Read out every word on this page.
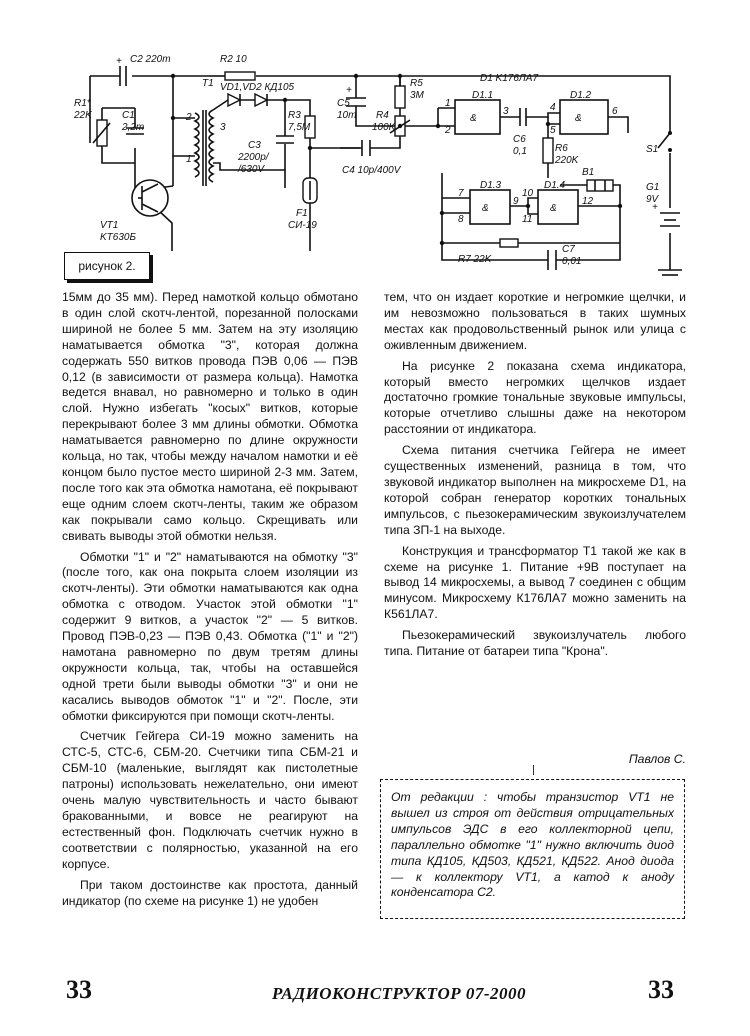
+
+
+
C2 220m	R2 10
R1*
22K	C1
2,2m
T1 VD1,VD2 КД105
2
3
1
C3
2200p/
/630V
R3
7,5M
F1
СИ-19
C5
10m R4
100K
C4 10p/400V
R5
3M
D1 K176ЛА7
D1.1	D1.2
D1.3	D1.4
C6
0,1	R6
220K
B1
S1
G1
9V
R7 22K
C7
0,01
VT1
KT630Б
1
2
3	4
5
6
7
8
9
10
11
12
&	&
&	&
рисунок 2.

15мм до 35 мм). Перед намоткой кольцо обмотано в один слой скотч-лентой, порезанной полосками шириной не более 5 мм. Затем на эту изоляцию наматывается обмотка "3", которая должна содержать 550 витков провода ПЭВ 0,06 — ПЭВ 0,12 (в зависимости от размера кольца). Намотка ведется внавал, но равномерно и только в один слой. Нужно избегать "косых" витков, которые перекрывают более 3 мм длины обмотки. Обмотка наматывается равномерно по длине окружности кольца, но так, чтобы между началом намотки и её концом было пустое место шириной 2-3 мм. Затем, после того как эта обмотка намотана, её покрывают еще одним слоем скотч-ленты, таким же образом как покрывали само кольцо. Скрещивать или свивать выводы этой обмотки нельзя.

Обмотки "1" и "2" наматываются на обмотку "3" (после того, как она покрыта слоем изоляции из скотч-ленты). Эти обмотки наматываются как одна обмотка с отводом. Участок этой обмотки "1" содержит 9 витков, а участок "2" — 5 витков. Провод ПЭВ-0,23 — ПЭВ 0,43. Обмотка ("1" и "2") намотана равномерно по двум третям длины окружности кольца, так, чтобы на оставшейся одной трети были выводы обмотки "3" и они не касались выводов обмоток "1" и "2". После, эти обмотки фиксируются при помощи скотч-ленты.

Счетчик Гейгера СИ-19 можно заменить на СТС-5, СТС-6, СБМ-20. Счетчики типа СБМ-21 и СБМ-10 (маленькие, выглядят как пистолетные патроны) использовать нежелательно, они имеют очень малую чувствительность и часто бывают бракованными, и вовсе не реагируют на естественный фон. Подключать счетчик нужно в соответствии с полярностью, указанной на его корпусе.

При таком достоинстве как простота, данный индикатор (по схеме на рисунке 1) не удобен

тем, что он издает короткие и негромкие щелчки, и им невозможно пользоваться в таких шумных местах как продовольственный рынок или улица с оживленным движением.

На рисунке 2 показана схема индикатора, который вместо негромких щелчков издает достаточно громкие тональные звуковые импульсы, которые отчетливо слышны даже на некотором расстоянии от индикатора.

Схема питания счетчика Гейгера не имеет существенных изменений, разница в том, что звуковой индикатор выполнен на микросхеме D1, на которой собран генератор коротких тональных импульсов, с пьезокерамическим звукоизлучателем типа ЗП-1 на выходе.

Конструкция и трансформатор Т1 такой же как в схеме на рисунке 1. Питание +9В поступает на вывод 14 микросхемы, а вывод 7 соединен с общим минусом. Микросхему К176ЛА7 можно заменить на К561ЛА7.

Пьезокерамический звукоизлучатель любого типа. Питание от батареи типа "Крона".

Павлов С.

От редакции : чтобы транзистор VT1 не вышел из строя от действия отрицательных импульсов ЭДС в его коллекторной цепи, параллельно обмотке "1" нужно включить диод типа КД105, КД503, КД521, КД522. Анод диода — к коллектору VT1, а катод к аноду конденсатора С2.
33	РАДИОКОНСТРУКТОР 07-2000	33
